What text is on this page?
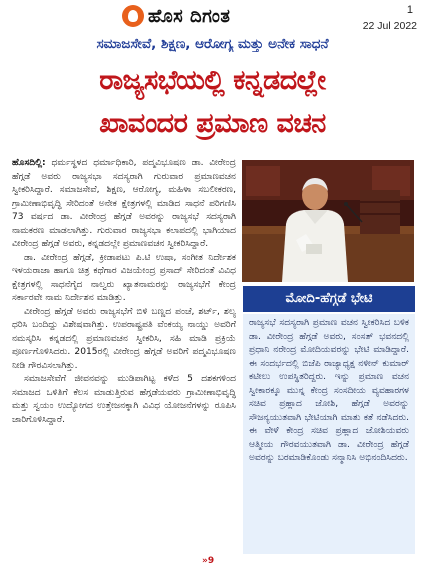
ಹೊಸ ದಿಗಂತ	1
22 Jul 2022
ಸಮಾಜಸೇವೆ, ಶಿಕ್ಷಣ, ಆರೋಗ್ಯ ಮತ್ತು ಅನೇಕ ಸಾಧನೆ
ರಾಜ್ಯಸಭೆಯಲ್ಲಿ ಕನ್ನಡದಲ್ಲೇ
ಖಾವಂದರ ಪ್ರಮಾಣ ವಚನ

ಹೊಸದಿಲ್ಲಿ: ಧರ್ಮಸ್ಥಳದ ಧರ್ಮಾಧಿಕಾರಿ, ಪದ್ಮವಿಭೂಷಣ ಡಾ. ವೀರೇಂದ್ರ ಹೆಗ್ಗಡೆ ಅವರು ರಾಜ್ಯಸಭಾ ಸದಸ್ಯರಾಗಿ ಗುರುವಾರ ಪ್ರಮಾಣವಚನ ಸ್ವೀಕರಿಸಿದ್ದಾರೆ. ಸಮಾಜಸೇವೆ, ಶಿಕ್ಷಣ, ಆರೋಗ್ಯ, ಮಹಿಳಾ ಸಬಲೀಕರಣ, ಗ್ರಾಮೀಣಾಭಿವೃದ್ಧಿ ಸೇರಿದಂತೆ ಅನೇಕ ಕ್ಷೇತ್ರಗಳಲ್ಲಿ ಮಾಡಿದ ಸಾಧನೆ ಪರಿಗಣಿಸಿ 73 ವರ್ಷದ ಡಾ. ವೀರೇಂದ್ರ ಹೆಗ್ಗಡೆ ಅವರನ್ನು ರಾಜ್ಯಸಭೆ ಸದಸ್ಯರಾಗಿ ನಾಮಕರಣ ಮಾಡಲಾಗಿತ್ತು. ಗುರುವಾರ ರಾಜ್ಯಸಭಾ ಕಲಾಪದಲ್ಲಿ ಭಾಗಿಯಾದ ವೀರೇಂದ್ರ ಹೆಗ್ಗಡೆ ಅವರು, ಕನ್ನಡದಲ್ಲೇ ಪ್ರಮಾಣವಚನ ಸ್ವೀಕರಿಸಿದ್ದಾರೆ.

ಡಾ. ವೀರೇಂದ್ರ ಹೆಗ್ಗಡೆ, ಕ್ರೀಡಾಪಟು ಪಿ.ಟಿ ಉಷಾ, ಸಂಗೀತ ನಿರ್ದೇಶಕ ಇಳಯರಾಜಾ ಹಾಗೂ ಚಿತ್ರ ಕಥೆಗಾರ ವಿಜಯೇಂದ್ರ ಪ್ರಸಾದ್ ಸೇರಿದಂತೆ ವಿವಿಧ ಕ್ಷೇತ್ರಗಳಲ್ಲಿ ಸಾಧನೆಗೈದ ನಾಲ್ವರು ಖ್ಯಾತನಾಮರನ್ನು ರಾಜ್ಯಸಭೆಗೆ ಕೇಂದ್ರ ಸರ್ಕಾರವೇ ನಾಮ ನಿರ್ದೇಶನ ಮಾಡಿತ್ತು.

ವೀರೇಂದ್ರ ಹೆಗ್ಗಡೆ ಅವರು ರಾಜ್ಯಸಭೆಗೆ ಬಿಳಿ ಬಣ್ಣದ ಪಂಚೆ, ಶರ್ಟ್, ಶಲ್ಯ ಧರಿಸಿ ಬಂದಿದ್ದು ವಿಶೇಷವಾಗಿತ್ತು. ಉಪರಾಷ್ಟ್ರಪತಿ ವೆಂಕಯ್ಯ ನಾಯ್ಡು ಅವರಿಗೆ ನಮಸ್ಕರಿಸಿ ಕನ್ನಡದಲ್ಲಿ ಪ್ರಮಾಣವಚನ ಸ್ವೀಕರಿಸಿ, ಸಹಿ ಮಾಡಿ ಪ್ರಕ್ರಿಯೆ ಪೂರ್ಣಗೊಳಿಸಿದರು. 2015ರಲ್ಲಿ ವೀರೇಂದ್ರ ಹೆಗ್ಗಡೆ ಅವರಿಗೆ ಪದ್ಮವಿಭೂಷಣ ನೀಡಿ ಗೌರವಿಸಲಾಗಿತ್ತು.

ಸಮಾಜಸೇವೆಗೆ ಜೀವನವನ್ನು ಮುಡಿಪಾಗಿಟ್ಟ ಕಳೆದ 5 ದಶಕಗಳಿಂದ ಸಮಾಜದ ಒಳಿತಿಗೆ ಕೆಲಸ ಮಾಡುತ್ತಿರುವ ಹೆಗ್ಗಡೆಯವರು ಗ್ರಾಮೀಣಾಭಿವೃದ್ಧಿ ಮತ್ತು ಸ್ವಯಂ ಉದ್ಯೋಗದ ಉತ್ತೇಜನಕ್ಕಾಗಿ ವಿವಿಧ ಯೋಜನೆಗಳನ್ನು ರೂಪಿಸಿ ಜಾರಿಗೊಳಿಸಿದ್ದಾರೆ.

»9
ಮೋದಿ-ಹೆಗ್ಗಡೆ ಭೇಟಿ
ರಾಜ್ಯಸಭೆ ಸದಸ್ಯರಾಗಿ ಪ್ರಮಾಣ ವಚನ ಸ್ವೀಕರಿಸಿದ ಬಳಿಕ ಡಾ. ವೀರೇಂದ್ರ ಹೆಗ್ಗಡೆ ಅವರು, ಸಂಸತ್ ಭವನದಲ್ಲಿ ಪ್ರಧಾನಿ ನರೇಂದ್ರ ಮೋದಿಯವರನ್ನು ಭೇಟಿ ಮಾಡಿದ್ದಾರೆ. ಈ ಸಂದರ್ಭದಲ್ಲಿ ಬಿಜೆಪಿ ರಾಜ್ಯಾಧ್ಯಕ್ಷ ನಳೀನ್ ಕುಮಾರ್ ಕಟೀಲು ಉಪಸ್ಥಿತರಿದ್ದರು. ಇನ್ನು ಪ್ರಮಾಣ ವಚನ ಸ್ವೀಕಾರಕ್ಕೂ ಮುನ್ನ ಕೇಂದ್ರ ಸಂಸದೀಯ ವ್ಯವಹಾರಗಳ ಸಚಿವ ಪ್ರಹ್ಲಾದ ಜೋಶಿ, ಹೆಗ್ಗಡೆ ಅವರನ್ನು ಸೌಜನ್ಯಯುತವಾಗಿ ಭೇಟಿಯಾಗಿ ಮಾತು ಕತೆ ನಡೆಸಿದರು. ಈ ವೇಳೆ ಕೇಂದ್ರ ಸಚಿವ ಪ್ರಹ್ಲಾದ ಜೋಶಿಯವರು ಆತ್ಮೀಯ ಗೌರವಯುತವಾಗಿ ಡಾ. ವೀರೇಂದ್ರ ಹೆಗ್ಗಡೆ ಅವರನ್ನು ಬರಮಾಡಿಕೊಂಡು ಸನ್ಮಾನಿಸಿ ಅಭಿನಂದಿಸಿದರು.
